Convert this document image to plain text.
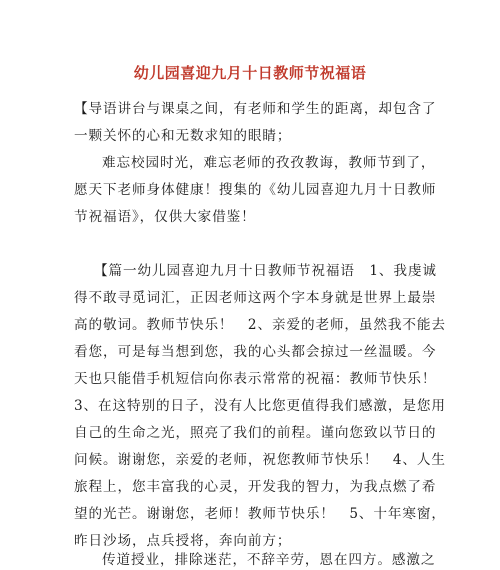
幼儿园喜迎九月十日教师节祝福语

【导语讲台与课桌之间，有老师和学生的距离，却包含了

一颗关怀的心和无数求知的眼睛；

难忘校园时光，难忘老师的孜孜教诲，教师节到了，

愿天下老师身体健康！搜集的《幼儿园喜迎九月十日教师

节祝福语》，仅供大家借鉴！

【篇一幼儿园喜迎九月十日教师节祝福语　1、我虔诚

得不敢寻觅词汇，正因老师这两个字本身就是世界上最崇

高的敬词。教师节快乐！　2、亲爱的老师，虽然我不能去

看您，可是每当想到您，我的心头都会掠过一丝温暖。今

天也只能借手机短信向你表示常常的祝福：教师节快乐！

3、在这特别的日子，没有人比您更值得我们感激，是您用

自己的生命之光，照亮了我们的前程。谨向您致以节日的

问候。谢谢您，亲爱的老师，祝您教师节快乐！　4、人生

旅程上，您丰富我的心灵，开发我的智力，为我点燃了希

望的光芒。谢谢您，老师！教师节快乐！　5、十年寒窗，

昨日沙场，点兵授将，奔向前方；

传道授业，排除迷茫，不辞辛劳，恩在四方。感激之
